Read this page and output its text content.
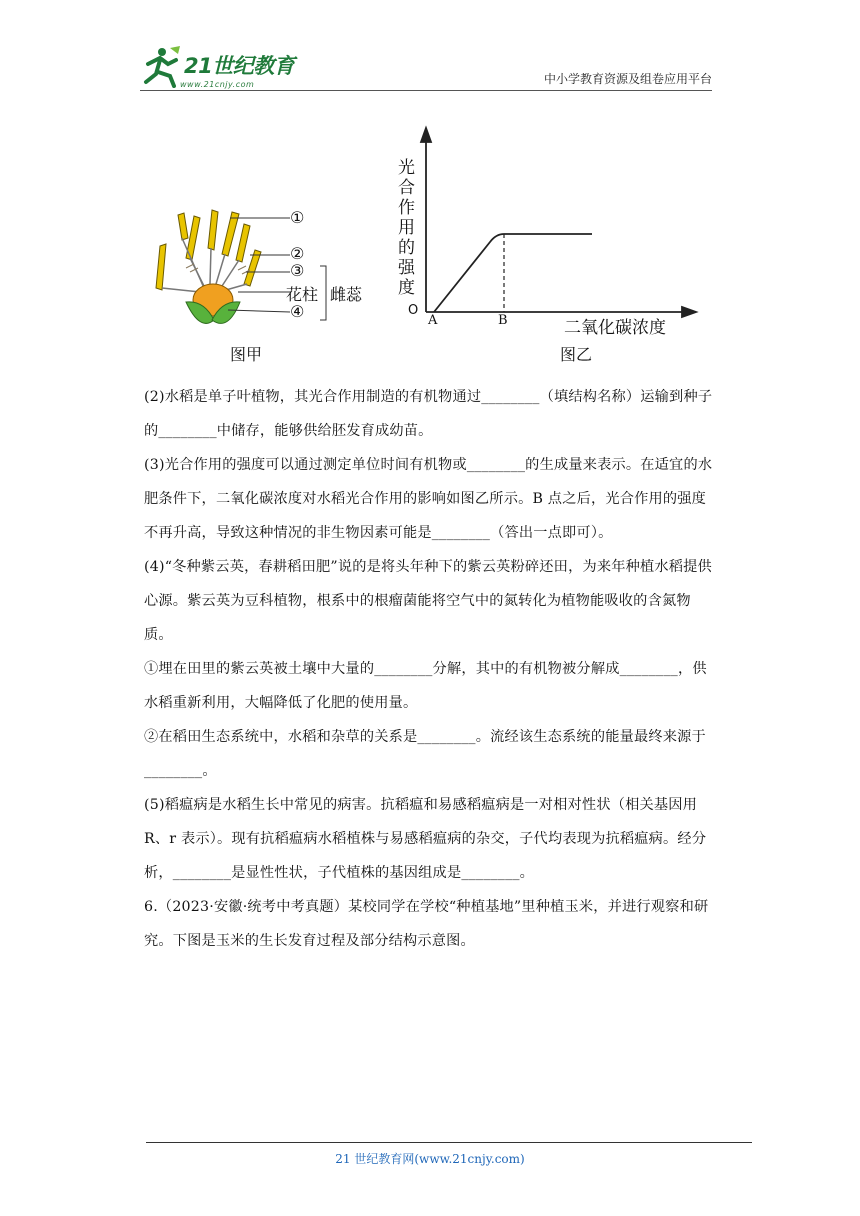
21世纪教育
www.21cnjy.com	中小学教育资源及组卷应用平台
①
②
③
花柱
④
雌蕊
图甲
O
A	B	二氧化碳浓度
光合作用的强度
图乙

(2)水稻是单子叶植物，其光合作用制造的有机物通过________（填结构名称）运输到种子的________中储存，能够供给胚发育成幼苗。

(3)光合作用的强度可以通过测定单位时间有机物或________的生成量来表示。在适宜的水肥条件下，二氧化碳浓度对水稻光合作用的影响如图乙所示。B 点之后，光合作用的强度不再升高，导致这种情况的非生物因素可能是________（答出一点即可）。

(4)“冬种紫云英，春耕稻田肥”说的是将头年种下的紫云英粉碎还田，为来年种植水稻提供心源。紫云英为豆科植物，根系中的根瘤菌能将空气中的氮转化为植物能吸收的含氮物质。

①埋在田里的紫云英被土壤中大量的________分解，其中的有机物被分解成________，供水稻重新利用，大幅降低了化肥的使用量。

②在稻田生态系统中，水稻和杂草的关系是________。流经该生态系统的能量最终来源于________。

(5)稻瘟病是水稻生长中常见的病害。抗稻瘟和易感稻瘟病是一对相对性状（相关基因用 R、r 表示）。现有抗稻瘟病水稻植株与易感稻瘟病的杂交，子代均表现为抗稻瘟病。经分析，________是显性性状，子代植株的基因组成是________。

6.（2023·安徽·统考中考真题）某校同学在学校“种植基地”里种植玉米，并进行观察和研究。下图是玉米的生长发育过程及部分结构示意图。

21 世纪教育网(www.21cnjy.com)
